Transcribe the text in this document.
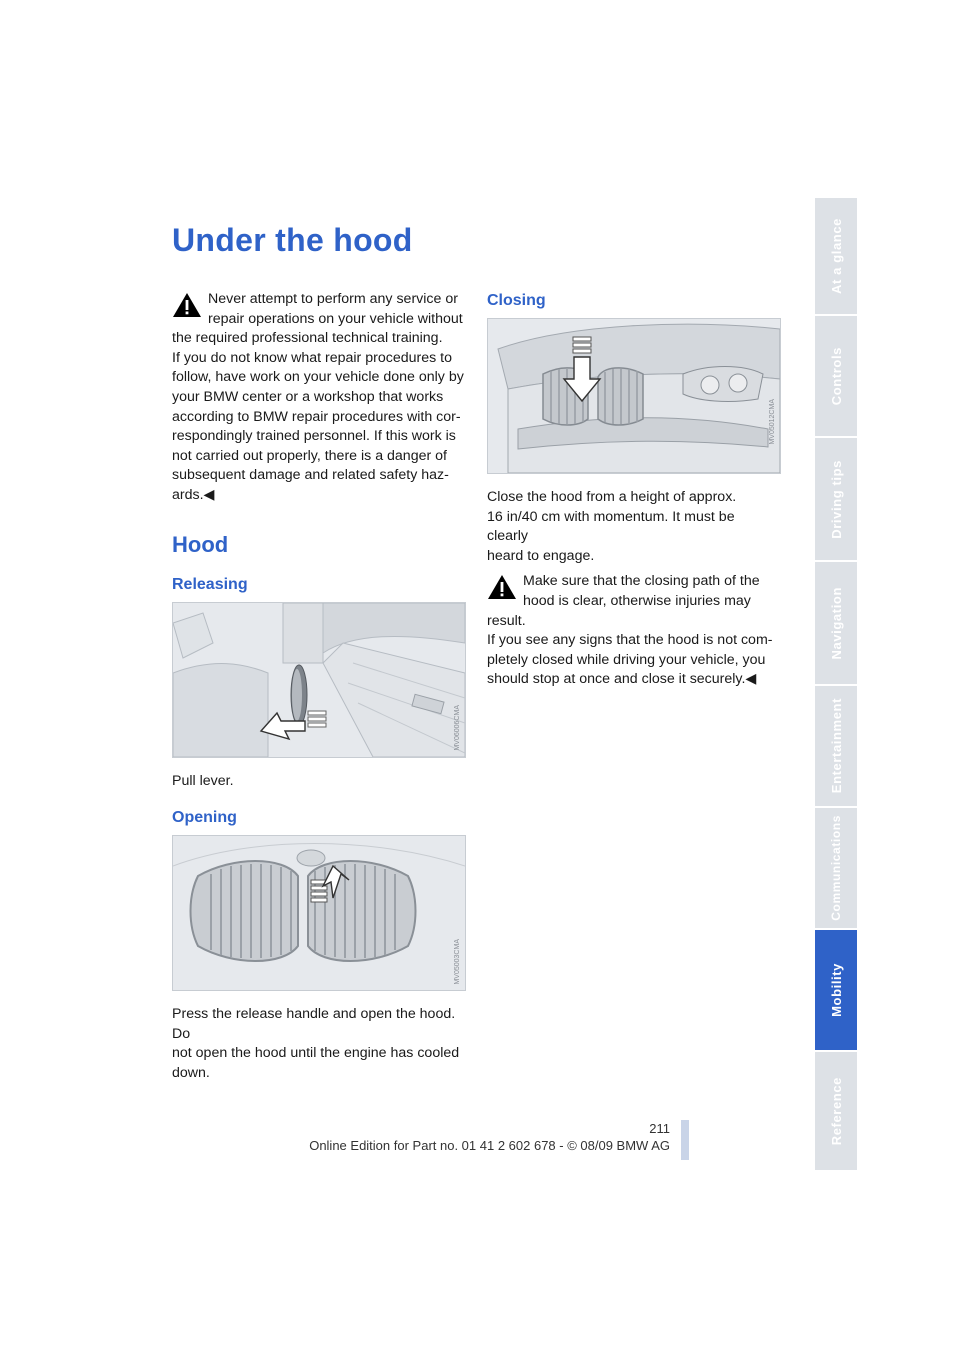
Under the hood

Never attempt to perform any service or
repair operations on your vehicle without
the required professional technical training.
If you do not know what repair procedures to
follow, have work on your vehicle done only by
your BMW center or a workshop that works
according to BMW repair procedures with cor-
respondingly trained personnel. If this work is
not carried out properly, there is a danger of
subsequent damage and related safety haz-
ards.◀

Hood
Releasing
MV06006CMA

Pull lever.

Opening
MV05003CMA

Press the release handle and open the hood. Do
not open the hood until the engine has cooled
down.

Closing
MV05012CMA

Close the hood from a height of approx.
16 in/40 cm with momentum. It must be clearly
heard to engage.

Make sure that the closing path of the
hood is clear, otherwise injuries may
result.
If you see any signs that the hood is not com-
pletely closed while driving your vehicle, you
should stop at once and close it securely.◀

At a glance
Controls
Driving tips
Navigation
Entertainment
Communications
Mobility
Reference
211
Online Edition for Part no. 01 41 2 602 678 - © 08/09 BMW AG
